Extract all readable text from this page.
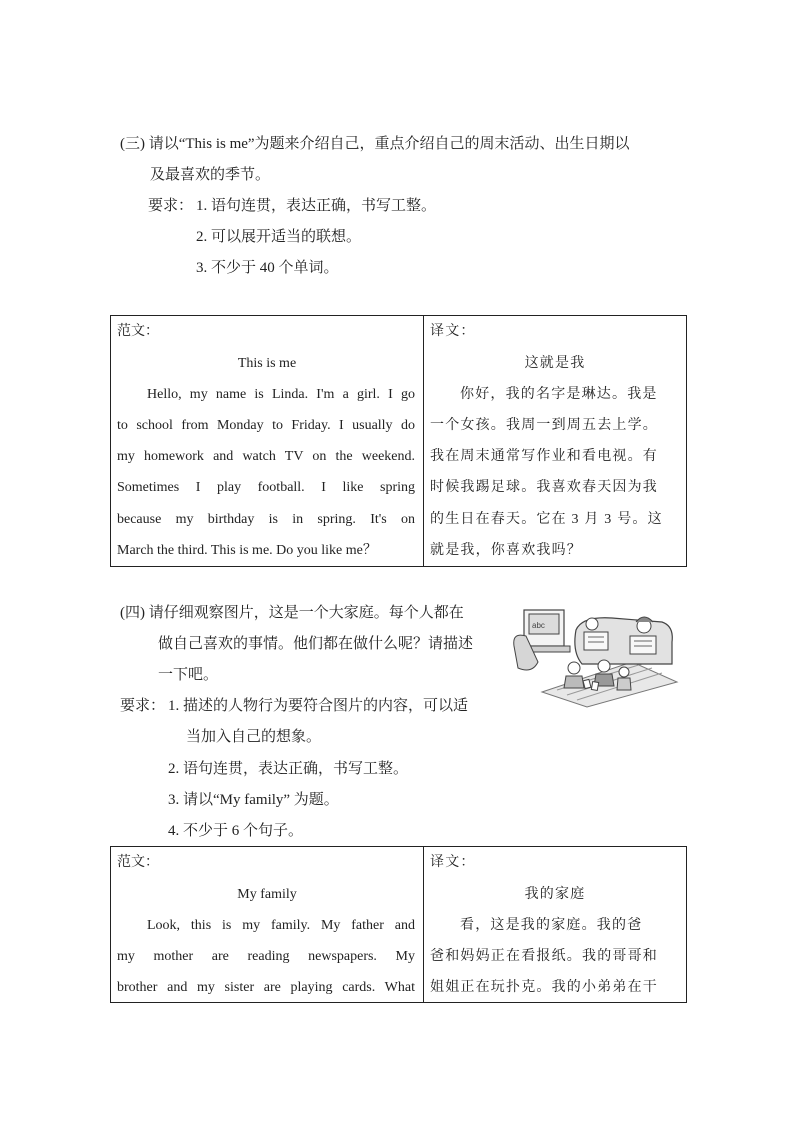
(三) 请以“This is me”为题来介绍自己，重点介绍自己的周末活动、出生日期以
及最喜欢的季节。
要求： 1. 语句连贯，表达正确，书写工整。
2. 可以展开适当的联想。
3. 不少于 40 个单词。
范文：
This is me
Hello, my name is Linda. I'm a girl. I go
to school from Monday to Friday. I usually do
my homework and watch TV on the weekend.
Sometimes I play football. I like spring
because my birthday is in spring. It's on
March the third. This is me. Do you like me？

译文：
这就是我
你好，我的名字是琳达。我是
一个女孩。我周一到周五去上学。
我在周末通常写作业和看电视。有
时候我踢足球。我喜欢春天因为我
的生日在春天。它在 3 月 3 号。这
就是我，你喜欢我吗？
(四) 请仔细观察图片，这是一个大家庭。每个人都在
做自己喜欢的事情。他们都在做什么呢？请描述
一下吧。
要求： 1. 描述的人物行为要符合图片的内容，可以适
当加入自己的想象。
2. 语句连贯，表达正确，书写工整。
3. 请以“My family” 为题。
4. 不少于 6 个句子。
abc
范文：
My family
Look, this is my family. My father and
my mother are reading newspapers. My
brother and my sister are playing cards. What

译文：
我的家庭
看，这是我的家庭。我的爸
爸和妈妈正在看报纸。我的哥哥和
姐姐正在玩扑克。我的小弟弟在干
